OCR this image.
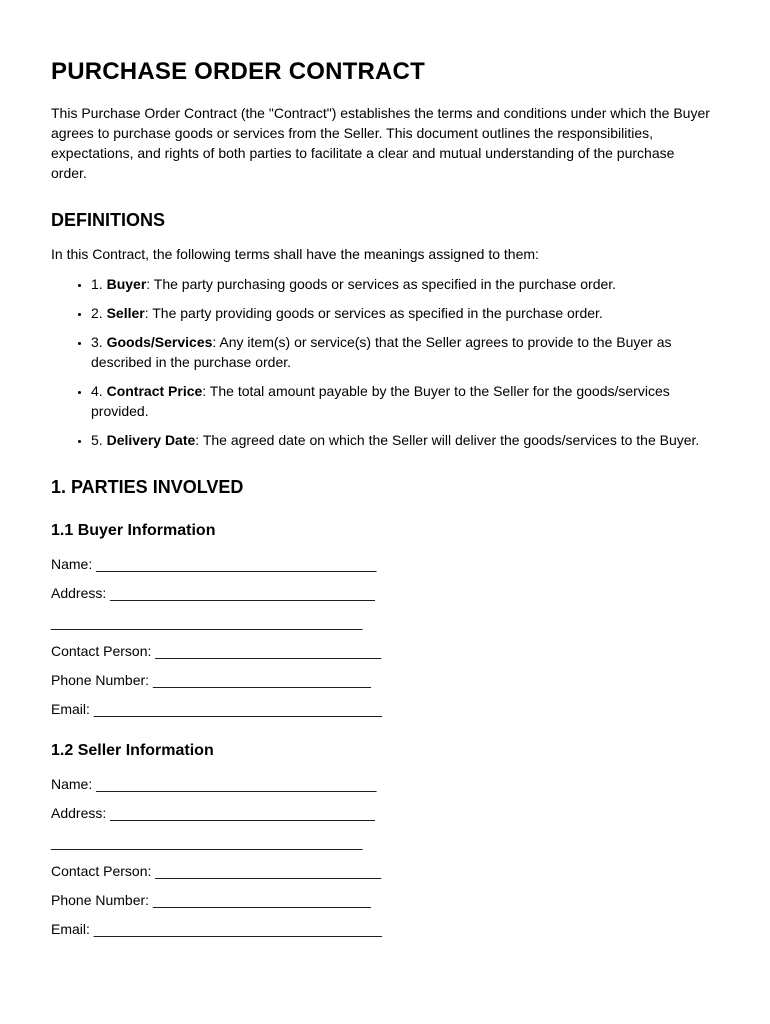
PURCHASE ORDER CONTRACT

This Purchase Order Contract (the "Contract") establishes the terms and conditions under which the Buyer agrees to purchase goods or services from the Seller. This document outlines the responsibilities, expectations, and rights of both parties to facilitate a clear and mutual understanding of the purchase order.

DEFINITIONS

In this Contract, the following terms shall have the meanings assigned to them:

• 1. Buyer: The party purchasing goods or services as specified in the purchase order.
• 2. Seller: The party providing goods or services as specified in the purchase order.
• 3. Goods/Services: Any item(s) or service(s) that the Seller agrees to provide to the Buyer as described in the purchase order.
• 4. Contract Price: The total amount payable by the Buyer to the Seller for the goods/services provided.
• 5. Delivery Date: The agreed date on which the Seller will deliver the goods/services to the Buyer.
1. PARTIES INVOLVED
1.1 Buyer Information

Name: ____________________________________

Address: __________________________________

________________________________________

Contact Person: _____________________________

Phone Number: ____________________________

Email: _____________________________________

1.2 Seller Information

Name: ____________________________________

Address: __________________________________

________________________________________

Contact Person: _____________________________

Phone Number: ____________________________

Email: _____________________________________
